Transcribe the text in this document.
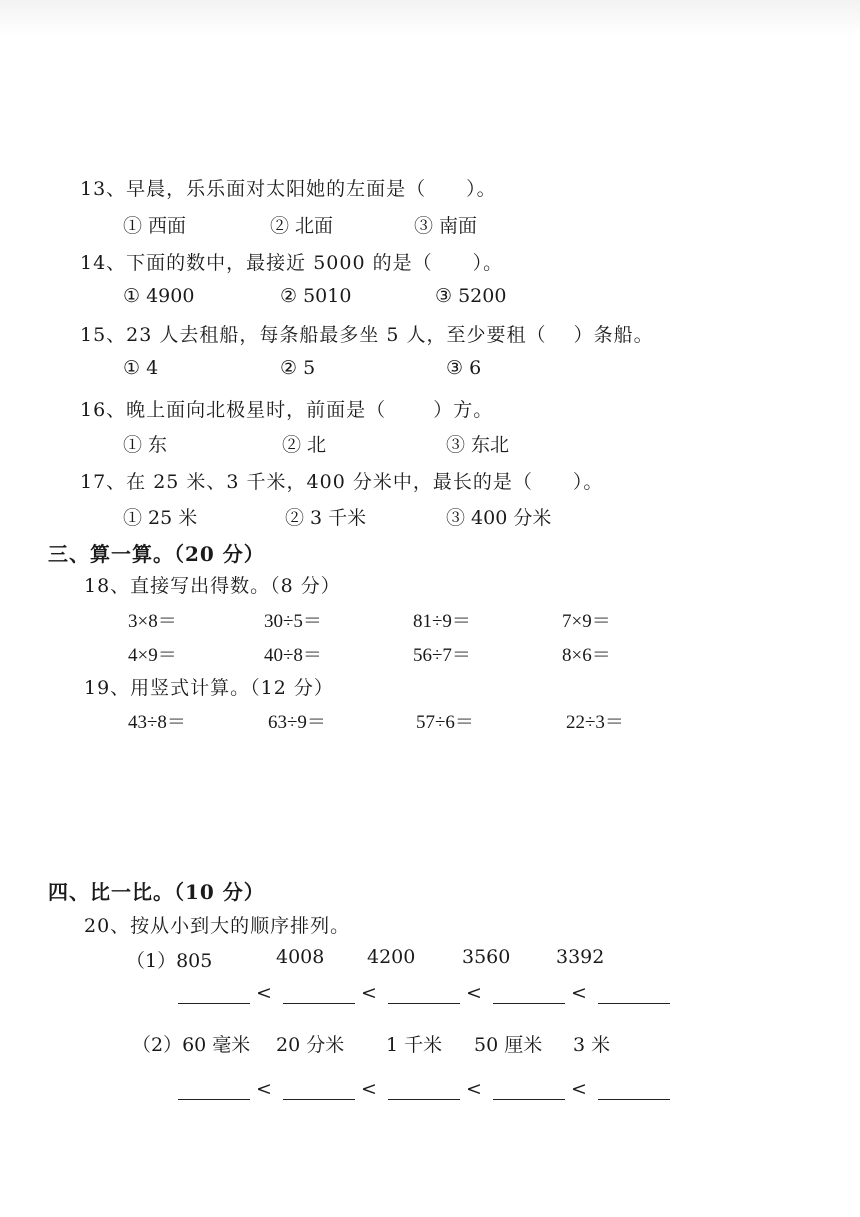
13、早晨，乐乐面对太阳她的左面是（　　）。
① 西面	② 北面	③ 南面
14、下面的数中，最接近 5000 的是（　　）。
① 4900	② 5010	③ 5200
15、23 人去租船，每条船最多坐 5 人，至少要租（　 ）条船。
① 4	② 5	③ 6
16、晚上面向北极星时，前面是（　　 ）方。
① 东	② 北	③ 东北
17、在 25 米、3 千米，400 分米中，最长的是（　　）。
① 25 米	② 3 千米	③ 400 分米
三、算一算。（20 分）
18、直接写出得数。（8 分）
3×8＝	30÷5＝	81÷9＝	7×9＝
4×9＝	40÷8＝	56÷7＝	8×6＝
19、用竖式计算。（12 分）
43÷8＝	63÷9＝	57÷6＝	22÷3＝
四、比一比。（10 分）
20、按从小到大的顺序排列。
（1）805	4008 4200 3560 3392
<	<	<	<
（2）60 毫米 20 分米 1 千米 50 厘米 3 米
<	<	<	<
